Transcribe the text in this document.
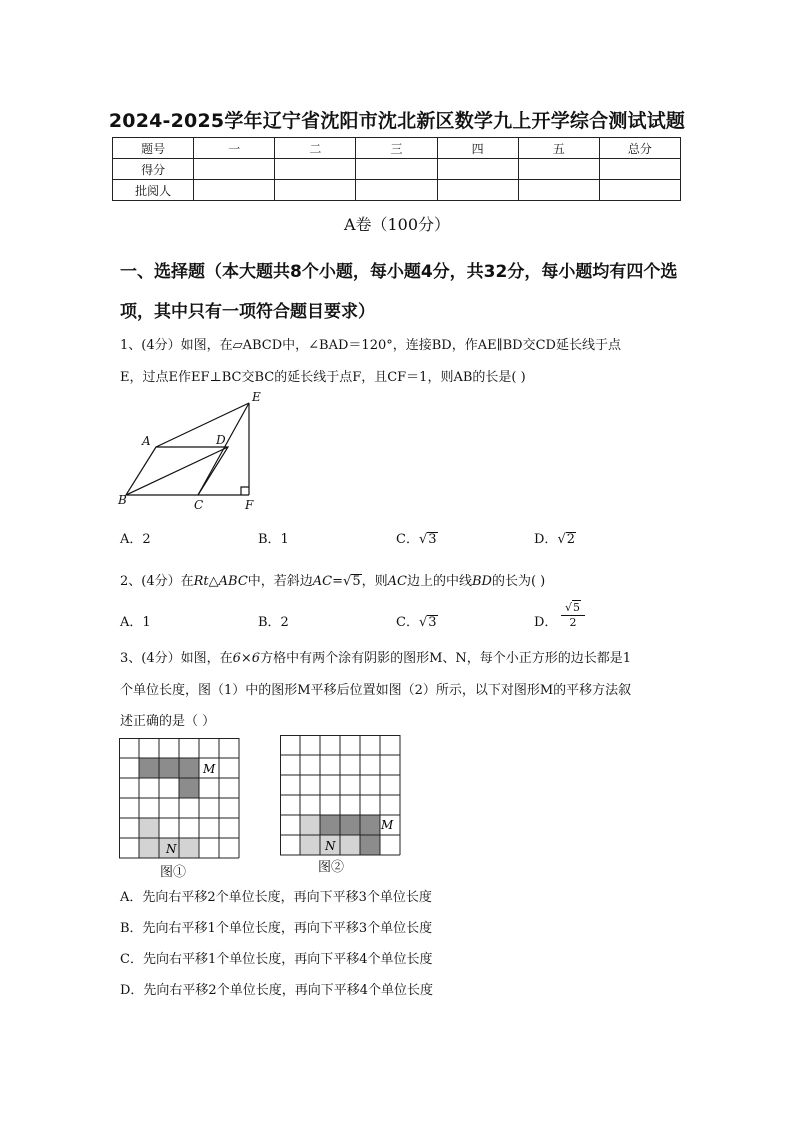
2024-2025学年辽宁省沈阳市沈北新区数学九上开学综合测试试题
题号	一	二	三	四	五	总分
得分						
批阅人						
A卷（100分）
一、选择题（本大题共8个小题，每小题4分，共32分，每小题均有四个选项，其中只有一项符合题目要求）
1、(4分）如图，在▱ABCD中，∠BAD＝120°，连接BD，作AE∥BD交CD延长线于点
E，过点E作EF⊥BC交BC的延长线于点F，且CF＝1，则AB的长是( )
E
A	D
B	C	F
A．2	B．1	C．√3	D．√2
2、(4分）在Rt△ABC中，若斜边AC=√5，则AC边上的中线BD的长为( )
A．1	B．2	C．√3	D． $\frac{√5}{2}$
3、(4分）如图，在6×6方格中有两个涂有阴影的图形M、N，每个小正方形的边长都是1
个单位长度，图（1）中的图形M平移后位置如图（2）所示，以下对图形M的平移方法叙
述正确的是（ ）
M
N
图①
M
N
图②
A．先向右平移2个单位长度，再向下平移3个单位长度
B．先向右平移1个单位长度，再向下平移3个单位长度
C．先向右平移1个单位长度，再向下平移4个单位长度
D．先向右平移2个单位长度，再向下平移4个单位长度
